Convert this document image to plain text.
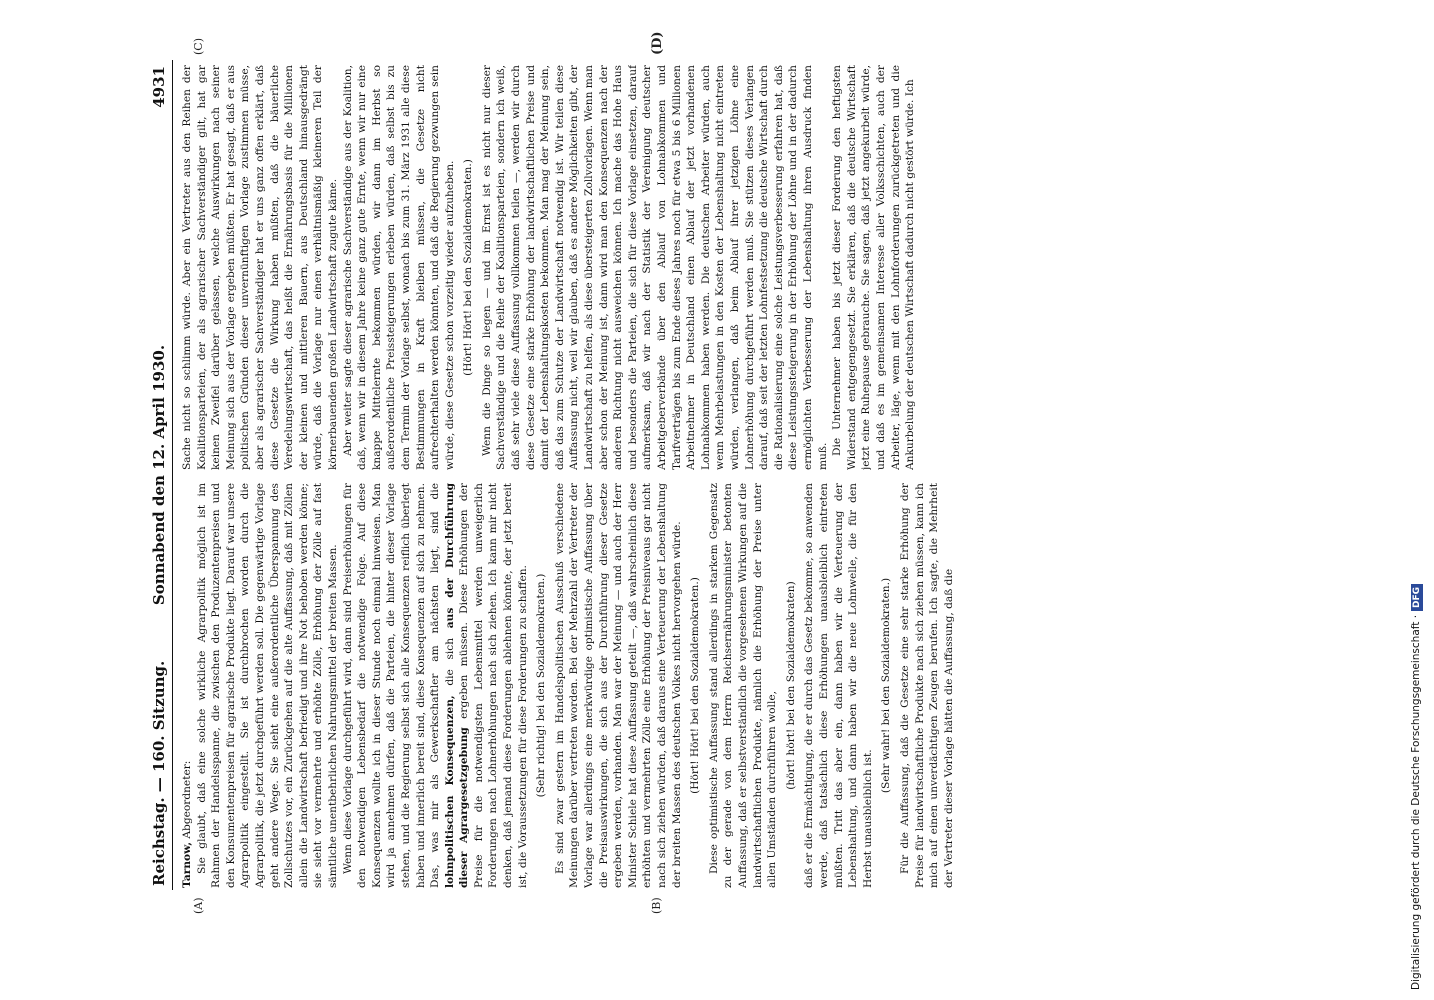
Reichstag. — 160. Sitzung.
Sonnabend den 12. April 1930.
4931
(A)	(B)
(C)	(D)

Tarnow, Abgeordneter: Sie glaubt, daß eine solche wirkliche Agrarpolitik möglich ist im Rahmen der Handelsspanne, die zwischen den Produzentenpreisen und den Konsumentenpreisen für agrarische Produkte liegt. Darauf war unsere Agrarpolitik eingestellt. Sie ist durchbrochen worden durch die Agrarpolitik, die jetzt durchgeführt werden soll. Die gegenwärtige Vorlage geht andere Wege. Sie sieht eine außerordentliche Überspannung des Zollschutzes vor, ein Zurückgehen auf die alte Auffassung, daß mit Zöllen allein die Landwirtschaft befriedigt und ihre Not behoben werden könne; sie sieht vor vermehrte und erhöhte Zölle, Erhöhung der Zölle auf fast sämtliche unentbehrlichen Nahrungsmittel der breiten Massen. Wenn diese Vorlage durchgeführt wird, dann sind Preiserhöhungen für den notwendigen Lebensbedarf die notwendige Folge. Auf diese Konsequenzen wollte ich in dieser Stunde noch einmal hinweisen. Man wird ja annehmen dürfen, daß die Parteien, die hinter dieser Vorlage stehen, und die Regierung selbst sich alle Konsequenzen reiflich überlegt haben und innerlich bereit sind, diese Konsequenzen auf sich zu nehmen. Das, was mir als Gewerkschaftler am nächsten liegt, sind die lohnpolitischen Konsequenzen, die sich aus der Durchführung dieser Agrargesetzgebung ergeben müssen. Diese Erhöhungen der Preise für die notwendigsten Lebensmittel werden unweigerlich Forderungen nach Lohnerhöhungen nach sich ziehen. Ich kann mir nicht denken, daß jemand diese Forderungen ablehnen könnte, der jetzt bereit ist, die Voraussetzungen für diese Forderungen zu schaffen. (Sehr richtig! bei den Sozialdemokraten.) Es sind zwar gestern im Handelspolitischen Ausschuß verschiedene Meinungen darüber vertreten worden. Bei der Mehrzahl der Vertreter der Vorlage war allerdings eine merkwürdige optimistische Auffassung über die Preisauswirkungen, die sich aus der Durchführung dieser Gesetze ergeben werden, vorhanden. Man war der Meinung — und auch der Herr Minister Schiele hat diese Auffassung geteilt —, daß wahrscheinlich diese erhöhten und vermehrten Zölle eine Erhöhung der Preisniveaus gar nicht nach sich ziehen würden, daß daraus eine Verteuerung der Lebenshaltung der breiten Massen des deutschen Volkes nicht hervorgehen würde. (Hört! Hört! bei den Sozialdemokraten.) Diese optimistische Auffassung stand allerdings in starkem Gegensatz zu der gerade von dem Herrn Reichsernährungsminister betonten Auffassung, daß er selbstverständlich die vorgesehenen Wirkungen auf die landwirtschaftlichen Produkte, nämlich die Erhöhung der Preise unter allen Umständen durchführen wolle, (hört! hört! bei den Sozialdemokraten) daß er die Ermächtigung, die er durch das Gesetz bekomme, so anwenden werde, daß tatsächlich diese Erhöhungen unausbleiblich eintreten müßten. Tritt das aber ein, dann haben wir die Verteuerung der Lebenshaltung, und dann haben wir die neue Lohnwelle, die für den Herbst unausbleiblich ist.

(Sehr wahr! bei den Sozialdemokraten.) Für die Auffassung, daß die Gesetze eine sehr starke Erhöhung der Preise für landwirtschaftliche Produkte nach sich ziehen müssen, kann ich mich auf einen unverdächtigen Zeugen berufen. Ich sagte, die Mehrheit der Vertreter dieser Vorlage hätten die Auffassung, daß die

Sache nicht so schlimm würde. Aber ein Vertreter aus den Reihen der Koalitionsparteien, der als agrarischer Sachverständiger gilt, hat gar keinen Zweifel darüber gelassen, welche Auswirkungen nach seiner Meinung sich aus der Vorlage ergeben müßten. Er hat gesagt, daß er aus politischen Gründen dieser unvernünftigen Vorlage zustimmen müsse, aber als agrarischer Sachverständiger hat er uns ganz offen erklärt, daß diese Gesetze die Wirkung haben müßten, daß die bäuerliche Veredelungswirtschaft, das heißt die Ernährungsbasis für die Millionen der kleinen und mittleren Bauern, aus Deutschland hinausgedrängt würde, daß die Vorlage nur einen verhältnismäßig kleineren Teil der körnerbauenden großen Landwirtschaft zugute käme. Aber weiter sagte dieser agrarische Sachverständige aus der Koalition, daß, wenn wir in diesem Jahre keine ganz gute Ernte, wenn wir nur eine knappe Mittelernte bekommen würden, wir dann im Herbst so außerordentliche Preissteigerungen erleben würden, daß selbst bis zu dem Termin der Vorlage selbst, wonach bis zum 31. März 1931 alle diese Bestimmungen in Kraft bleiben müssen, die Gesetze nicht aufrechterhalten werden könnten, und daß die Regierung gezwungen sein würde, diese Gesetze schon vorzeitig wieder aufzuheben. (Hört! Hört! bei den Sozialdemokraten.) Wenn die Dinge so liegen — und im Ernst ist es nicht nur dieser Sachverständige und die Reihe der Koalitionsparteien, sondern ich weiß, daß sehr viele diese Auffassung vollkommen teilen —, werden wir durch diese Gesetze eine starke Erhöhung der landwirtschaftlichen Preise und damit der Lebenshaltungskosten bekommen. Man mag der Meinung sein, daß das zum Schutze der Landwirtschaft notwendig ist. Wir teilen diese Auffassung nicht, weil wir glauben, daß es andere Möglichkeiten gibt, der Landwirtschaft zu helfen, als diese übersteigerten Zollvorlagen. Wenn man aber schon der Meinung ist, dann wird man den Konsequenzen nach der anderen Richtung nicht ausweichen können. Ich mache das Hohe Haus und besonders die Parteien, die sich für diese Vorlage einsetzen, darauf aufmerksam, daß wir nach der Statistik der Vereinigung deutscher Arbeitgeberverbände über den Ablauf von Lohnabkommen und Tarifverträgen bis zum Ende dieses Jahres noch für etwa 5 bis 6 Millionen Arbeitnehmer in Deutschland einen Ablauf der jetzt vorhandenen Lohnabkommen haben werden. Die deutschen Arbeiter würden, auch wenn Mehrbelastungen in den Kosten der Lebenshaltung nicht eintreten würden, verlangen, daß beim Ablauf ihrer jetzigen Löhne eine Lohnerhöhung durchgeführt werden muß. Sie stützen dieses Verlangen darauf, daß seit der letzten Lohnfestsetzung die deutsche Wirtschaft durch die Rationalisierung eine solche Leistungsverbesserung erfahren hat, daß diese Leistungssteigerung in der Erhöhung der Löhne und in der dadurch ermöglichten Verbesserung der Lebenshaltung ihren Ausdruck finden muß.

Die Unternehmer haben bis jetzt dieser Forderung den heftigsten Widerstand entgegengesetzt. Sie erklären, daß die deutsche Wirtschaft jetzt eine Ruhepause gebrauche. Sie sagen, daß jetzt angekurbelt würde, und daß es im gemeinsamen Interesse aller Volksschichten, auch der Arbeiter, läge, wenn mit den Lohnforderungen zurückgetreten und die Ankurbelung der deutschen Wirtschaft dadurch nicht gestört würde. Ich

Digitalisierung gefördert durch die Deutsche Forschungsgemeinschaft ·DFG
